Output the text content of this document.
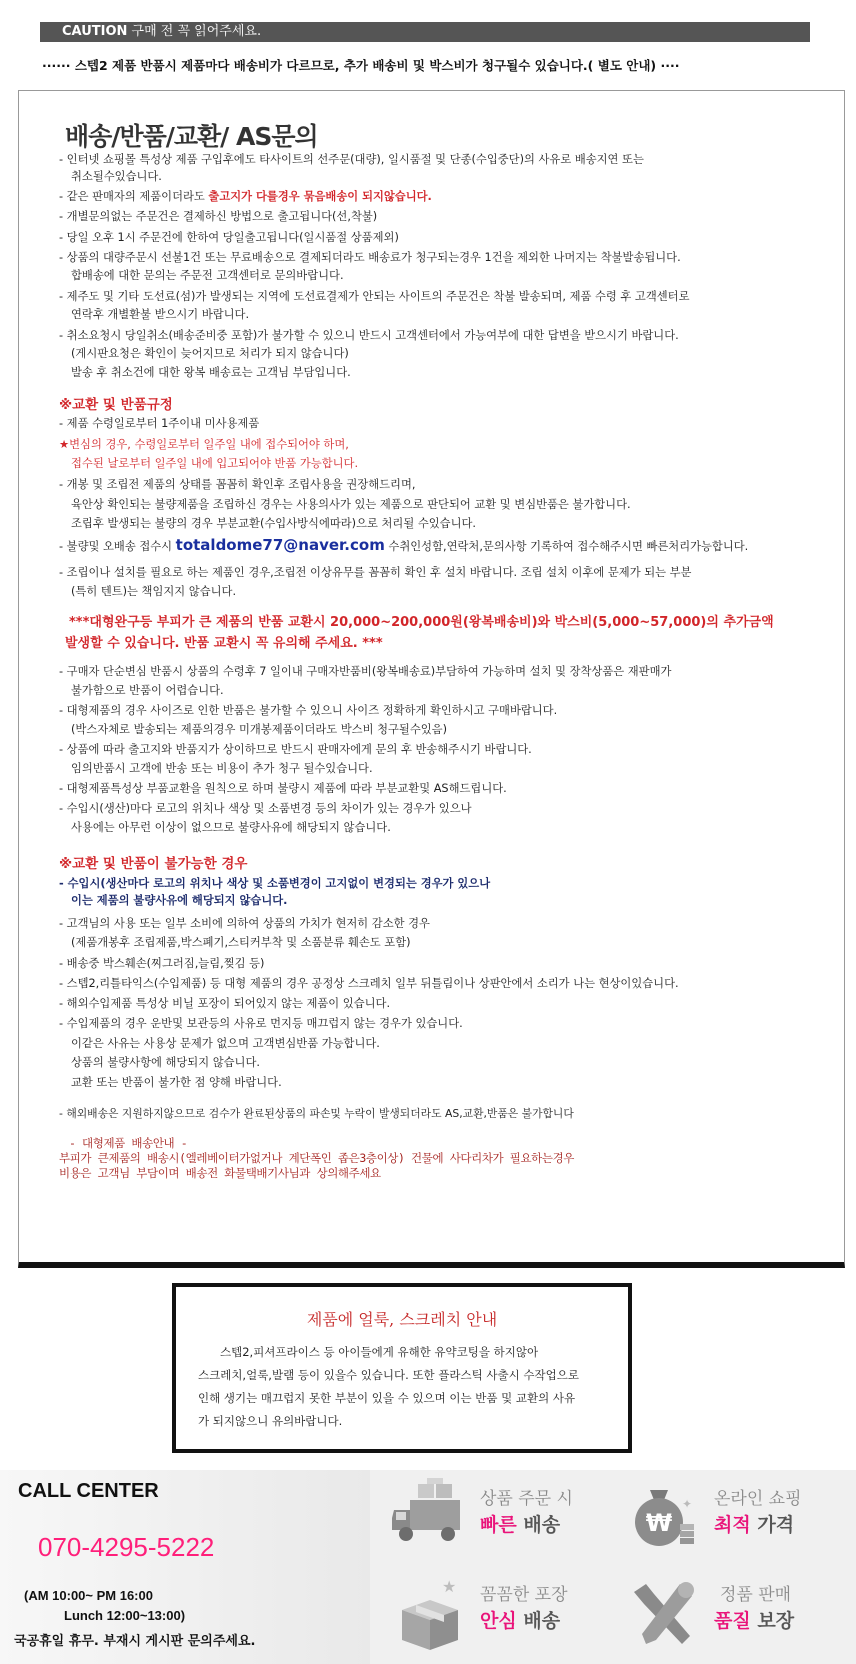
CAUTION 구매 전 꼭 읽어주세요.
······ 스텝2 제품 반품시 제품마다 배송비가 다르므로, 추가 배송비 및 박스비가 청구될수 있습니다.( 별도 안내) ····
배송/반품/교환/ AS문의
- 인터넷 쇼핑몰 특성상 제품 구입후에도 타사이트의 선주문(대량), 일시품절 및 단종(수입중단)의 사유로 배송지연 또는
취소될수있습니다.
- 같은 판매자의 제품이더라도 출고지가 다를경우 묶음배송이 되지않습니다.
- 개별문의없는 주문건은 결제하신 방법으로 출고됩니다(선,착불)
- 당일 오후 1시 주문건에 한하여 당일출고됩니다(일시품절 상품제외)
- 상품의 대량주문시 선불1건 또는 무료배송으로 결제되더라도 배송료가 청구되는경우 1건을 제외한 나머지는 착불발송됩니다.
합배송에 대한 문의는 주문전 고객센터로 문의바랍니다.
- 제주도 및 기타 도선료(섬)가 발생되는 지역에 도선료결제가 안되는 사이트의 주문건은 착불 발송되며, 제품 수령 후 고객센터로
연락후 개별환불 받으시기 바랍니다.
- 취소요청시 당일취소(배송준비중 포함)가 불가할 수 있으니 반드시 고객센터에서 가능여부에 대한 답변을 받으시기 바랍니다.
(게시판요청은 확인이 늦어지므로 처리가 되지 않습니다)
발송 후 취소건에 대한 왕복 배송료는 고객님 부담입니다.
※교환 및 반품규정
- 제품 수령일로부터 1주이내 미사용제품
★변심의 경우, 수령일로부터 일주일 내에 접수되어야 하며,
접수된 날로부터 일주일 내에 입고되어야 반품 가능합니다.
- 개봉 및 조립전 제품의 상태를 꼼꼼히 확인후 조립사용을 권장해드리며,
육안상 확인되는 불량제품을 조립하신 경우는 사용의사가 있는 제품으로 판단되어 교환 및 변심반품은 불가합니다.
조립후 발생되는 불량의 경우 부분교환(수입사방식에따라)으로 처리될 수있습니다.
- 불량및 오배송 접수시 totaldome77@naver.com 수취인성함,연락처,문의사항 기록하여 접수해주시면 빠른처리가능합니다.
- 조립이나 설치를 필요로 하는 제품인 경우,조립전 이상유무를 꼼꼼히 확인 후 설치 바랍니다. 조립 설치 이후에 문제가 되는 부분
(특히 텐트)는 책임지지 않습니다.
***대형완구등 부피가 큰 제품의 반품 교환시 20,000~200,000원(왕복배송비)와 박스비(5,000~57,000)의 추가금액
발생할 수 있습니다. 반품 교환시 꼭 유의해 주세요. ***
- 구매자 단순변심 반품시 상품의 수령후 7 일이내 구매자반품비(왕복배송료)부담하여 가능하며 설치 및 장착상품은 재판매가
불가함으로 반품이 어렵습니다.
- 대형제품의 경우 사이즈로 인한 반품은 불가할 수 있으니 사이즈 정확하게 확인하시고 구매바랍니다.
(박스자체로 발송되는 제품의경우 미개봉제품이더라도 박스비 청구될수있음)
- 상품에 따라 출고지와 반품지가 상이하므로 반드시 판매자에게 문의 후 반송해주시기 바랍니다.
임의반품시 고객에 반송 또는 비용이 추가 청구 될수있습니다.
- 대형제품특성상 부품교환을 원칙으로 하며 불량시 제품에 따라 부분교환및 AS해드립니다.
- 수입시(생산)마다 로고의 위치나 색상 및 소품변경 등의 차이가 있는 경우가 있으나
사용에는 아무런 이상이 없으므로 불량사유에 해당되지 않습니다.
※교환 및 반품이 불가능한 경우
- 수입시(생산마다 로고의 위치나 색상 및 소품변경이 고지없이 변경되는 경우가 있으나
이는 제품의 불량사유에 해당되지 않습니다.
- 고객님의 사용 또는 일부 소비에 의하여 상품의 가치가 현저히 감소한 경우
(제품개봉후 조립제품,박스폐기,스티커부착 및 소품분류 훼손도 포함)
- 배송중 박스훼손(찌그러짐,늘림,찢김 등)
- 스텝2,리틀타익스(수입제품) 등 대형 제품의 경우 공정상 스크레치 일부 뒤틀림이나 상판안에서 소리가 나는 현상이있습니다.
- 해외수입제품 특성상 비닐 포장이 되어있지 않는 제품이 있습니다.
- 수입제품의 경우 운반및 보관등의 사유로 먼지등 매끄럽지 않는 경우가 있습니다.
이같은 사유는 사용상 문제가 없으며 고객변심반품 가능합니다.
상품의 불량사항에 해당되지 않습니다.
교환 또는 반품이 불가한 점 양해 바랍니다.
- 해외배송은 지원하지않으므로 검수가 완료된상품의 파손및 누락이 발생되더라도 AS,교환,반품은 불가합니다
- 대형제품 배송안내 -
부피가 큰제품의 배송시(엘레베이터가없거나 계단폭인 좁은3층이상) 건물에 사다리차가 필요하는경우
비용은 고객님 부담이며 배송전 화물택배기사님과 상의해주세요
제품에 얼룩, 스크레치 안내
스텝2,피셔프라이스 등 아이들에게 유해한 유약코팅을 하지않아
스크레치,얼룩,발램 등이 있을수 있습니다. 또한 플라스틱 사출시 수작업으로
인해 생기는 매끄럽지 못한 부분이 있을 수 있으며 이는 반품 및 교환의 사유
가 되지않으니 유의바랍니다.
CALL CENTER
070-4295-5222
(AM 10:00~ PM 16:00
Lunch 12:00~13:00)
국공휴일 휴무. 부재시 게시판 문의주세요.
상품 주문 시
빠른 배송	₩
✦ 온라인 쇼핑
최적 가격
★ 꼼꼼한 포장
안심 배송
정품 판매
품질 보장
